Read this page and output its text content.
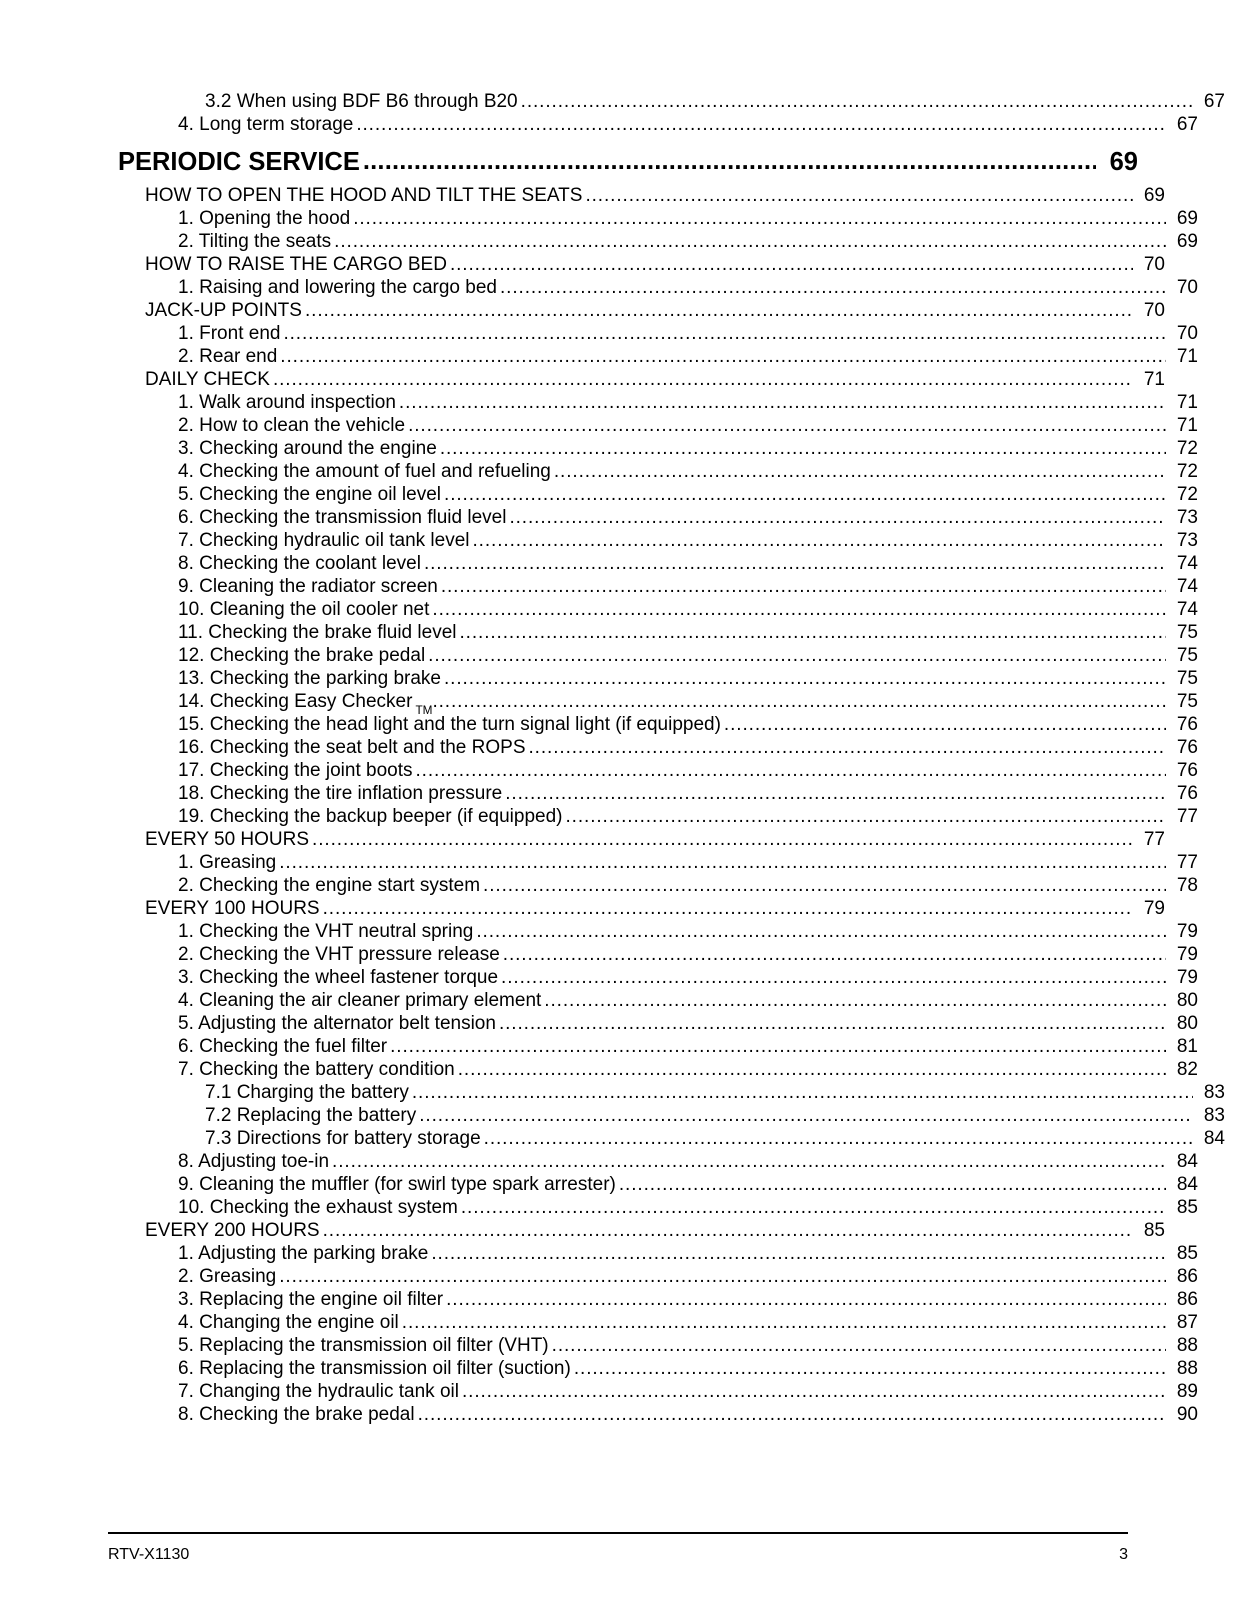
3.2 When using BDF B6 through B20 .....	67
4. Long term storage .....	67
PERIODIC SERVICE .....	69
HOW TO OPEN THE HOOD AND TILT THE SEATS .....	69
1. Opening the hood .....	69
2. Tilting the seats .....	69
HOW TO RAISE THE CARGO BED .....	70
1. Raising and lowering the cargo bed .....	70
JACK-UP POINTS .....	70
1. Front end .....	70
2. Rear end .....	71
DAILY CHECK .....	71
1. Walk around inspection .....	71
2. How to clean the vehicle .....	71
3. Checking around the engine .....	72
4. Checking the amount of fuel and refueling .....	72
5. Checking the engine oil level .....	72
6. Checking the transmission fluid level .....	73
7. Checking hydraulic oil tank level .....	73
8. Checking the coolant level .....	74
9. Cleaning the radiator screen .....	74
10. Cleaning the oil cooler net .....	74
11. Checking the brake fluid level .....	75
12. Checking the brake pedal .....	75
13. Checking the parking brake .....	75
14. Checking Easy Checker TM .....	75
15. Checking the head light and the turn signal light (if equipped) .....	76
16. Checking the seat belt and the ROPS .....	76
17. Checking the joint boots .....	76
18. Checking the tire inflation pressure .....	76
19. Checking the backup beeper (if equipped) .....	77
EVERY 50 HOURS .....	77
1. Greasing .....	77
2. Checking the engine start system .....	78
EVERY 100 HOURS .....	79
1. Checking the VHT neutral spring .....	79
2. Checking the VHT pressure release .....	79
3. Checking the wheel fastener torque .....	79
4. Cleaning the air cleaner primary element .....	80
5. Adjusting the alternator belt tension .....	80
6. Checking the fuel filter .....	81
7. Checking the battery condition .....	82
7.1 Charging the battery .....	83
7.2 Replacing the battery .....	83
7.3 Directions for battery storage .....	84
8. Adjusting toe-in .....	84
9. Cleaning the muffler (for swirl type spark arrester) .....	84
10. Checking the exhaust system .....	85
EVERY 200 HOURS .....	85
1. Adjusting the parking brake .....	85
2. Greasing .....	86
3. Replacing the engine oil filter .....	86
4. Changing the engine oil .....	87
5. Replacing the transmission oil filter (VHT) .....	88
6. Replacing the transmission oil filter (suction) .....	88
7. Changing the hydraulic tank oil .....	89
8. Checking the brake pedal .....	90
RTV-X1130	3
